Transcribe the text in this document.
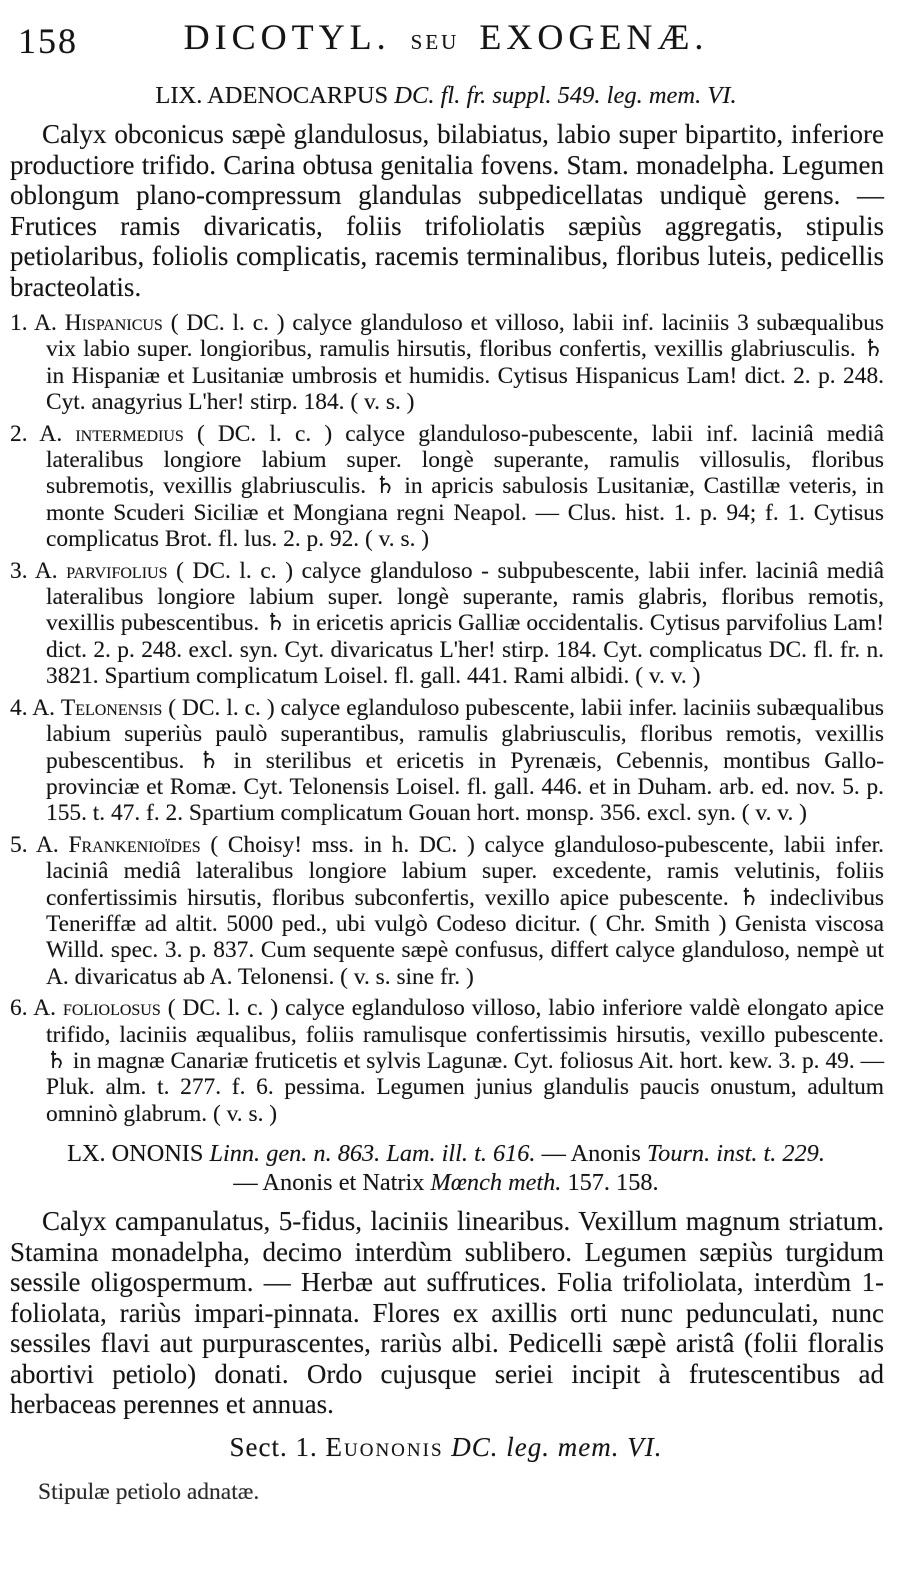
158	DICOTYL. seu EXOGENÆ.
LIX. ADENOCARPUS DC. fl. fr. suppl. 549. leg. mem. VI.

Calyx obconicus sæpè glandulosus, bilabiatus, labio super bipartito, inferiore productiore trifido. Carina obtusa genitalia fovens. Stam. monadelpha. Legumen oblongum plano-compressum glandulas subpedicellatas undiquè gerens. — Frutices ramis divaricatis, foliis trifoliolatis sæpiùs aggregatis, stipulis petiolaribus, foliolis complicatis, racemis terminalibus, floribus luteis, pedicellis bracteolatis.

1. A. Hispanicus ( DC. l. c. ) calyce glanduloso et villoso, labii inf. laciniis 3 subæqualibus vix labio super. longioribus, ramulis hirsutis, floribus confertis, vexillis glabriusculis. ♄ in Hispaniæ et Lusitaniæ umbrosis et humidis. Cytisus Hispanicus Lam! dict. 2. p. 248. Cyt. anagyrius L'her! stirp. 184. ( v. s. )

2. A. intermedius ( DC. l. c. ) calyce glanduloso-pubescente, labii inf. laciniâ mediâ lateralibus longiore labium super. longè superante, ramulis villosulis, floribus subremotis, vexillis glabriusculis. ♄ in apricis sabulosis Lusitaniæ, Castillæ veteris, in monte Scuderi Siciliæ et Mongiana regni Neapol. — Clus. hist. 1. p. 94; f. 1. Cytisus complicatus Brot. fl. lus. 2. p. 92. ( v. s. )

3. A. parvifolius ( DC. l. c. ) calyce glanduloso - subpubescente, labii infer. laciniâ mediâ lateralibus longiore labium super. longè superante, ramis glabris, floribus remotis, vexillis pubescentibus. ♄ in ericetis apricis Galliæ occidentalis. Cytisus parvifolius Lam! dict. 2. p. 248. excl. syn. Cyt. divaricatus L'her! stirp. 184. Cyt. complicatus DC. fl. fr. n. 3821. Spartium complicatum Loisel. fl. gall. 441. Rami albidi. ( v. v. )

4. A. Telonensis ( DC. l. c. ) calyce eglanduloso pubescente, labii infer. laciniis subæqualibus labium superiùs paulò superantibus, ramulis glabriusculis, floribus remotis, vexillis pubescentibus. ♄ in sterilibus et ericetis in Pyrenæis, Cebennis, montibus Gallo-provinciæ et Romæ. Cyt. Telonensis Loisel. fl. gall. 446. et in Duham. arb. ed. nov. 5. p. 155. t. 47. f. 2. Spartium complicatum Gouan hort. monsp. 356. excl. syn. ( v. v. )

5. A. Frankenioïdes ( Choisy! mss. in h. DC. ) calyce glanduloso-pubescente, labii infer. laciniâ mediâ lateralibus longiore labium super. excedente, ramis velutinis, foliis confertissimis hirsutis, floribus subconfertis, vexillo apice pubescente. ♄ indeclivibus Teneriffæ ad altit. 5000 ped., ubi vulgò Codeso dicitur. ( Chr. Smith ) Genista viscosa Willd. spec. 3. p. 837. Cum sequente sæpè confusus, differt calyce glanduloso, nempè ut A. divaricatus ab A. Telonensi. ( v. s. sine fr. )

6. A. foliolosus ( DC. l. c. ) calyce eglanduloso villoso, labio inferiore valdè elongato apice trifido, laciniis æqualibus, foliis ramulisque confertissimis hirsutis, vexillo pubescente. ♄ in magnæ Canariæ fruticetis et sylvis Lagunæ. Cyt. foliosus Ait. hort. kew. 3. p. 49. — Pluk. alm. t. 277. f. 6. pessima. Legumen junius glandulis paucis onustum, adultum omninò glabrum. ( v. s. )

LX. ONONIS Linn. gen. n. 863. Lam. ill. t. 616. — Anonis Tourn. inst. t. 229.
— Anonis et Natrix Mœnch meth. 157. 158.

Calyx campanulatus, 5-fidus, laciniis linearibus. Vexillum magnum striatum. Stamina monadelpha, decimo interdùm sublibero. Legumen sæpiùs turgidum sessile oligospermum. — Herbæ aut suffrutices. Folia trifoliolata, interdùm 1-foliolata, rariùs impari-pinnata. Flores ex axillis orti nunc pedunculati, nunc sessiles flavi aut purpurascentes, rariùs albi. Pedicelli sæpè aristâ (folii floralis abortivi petiolo) donati. Ordo cujusque seriei incipit à frutescentibus ad herbaceas perennes et annuas.

Sect. 1. Euononis DC. leg. mem. VI.

Stipulæ petiolo adnatæ.
